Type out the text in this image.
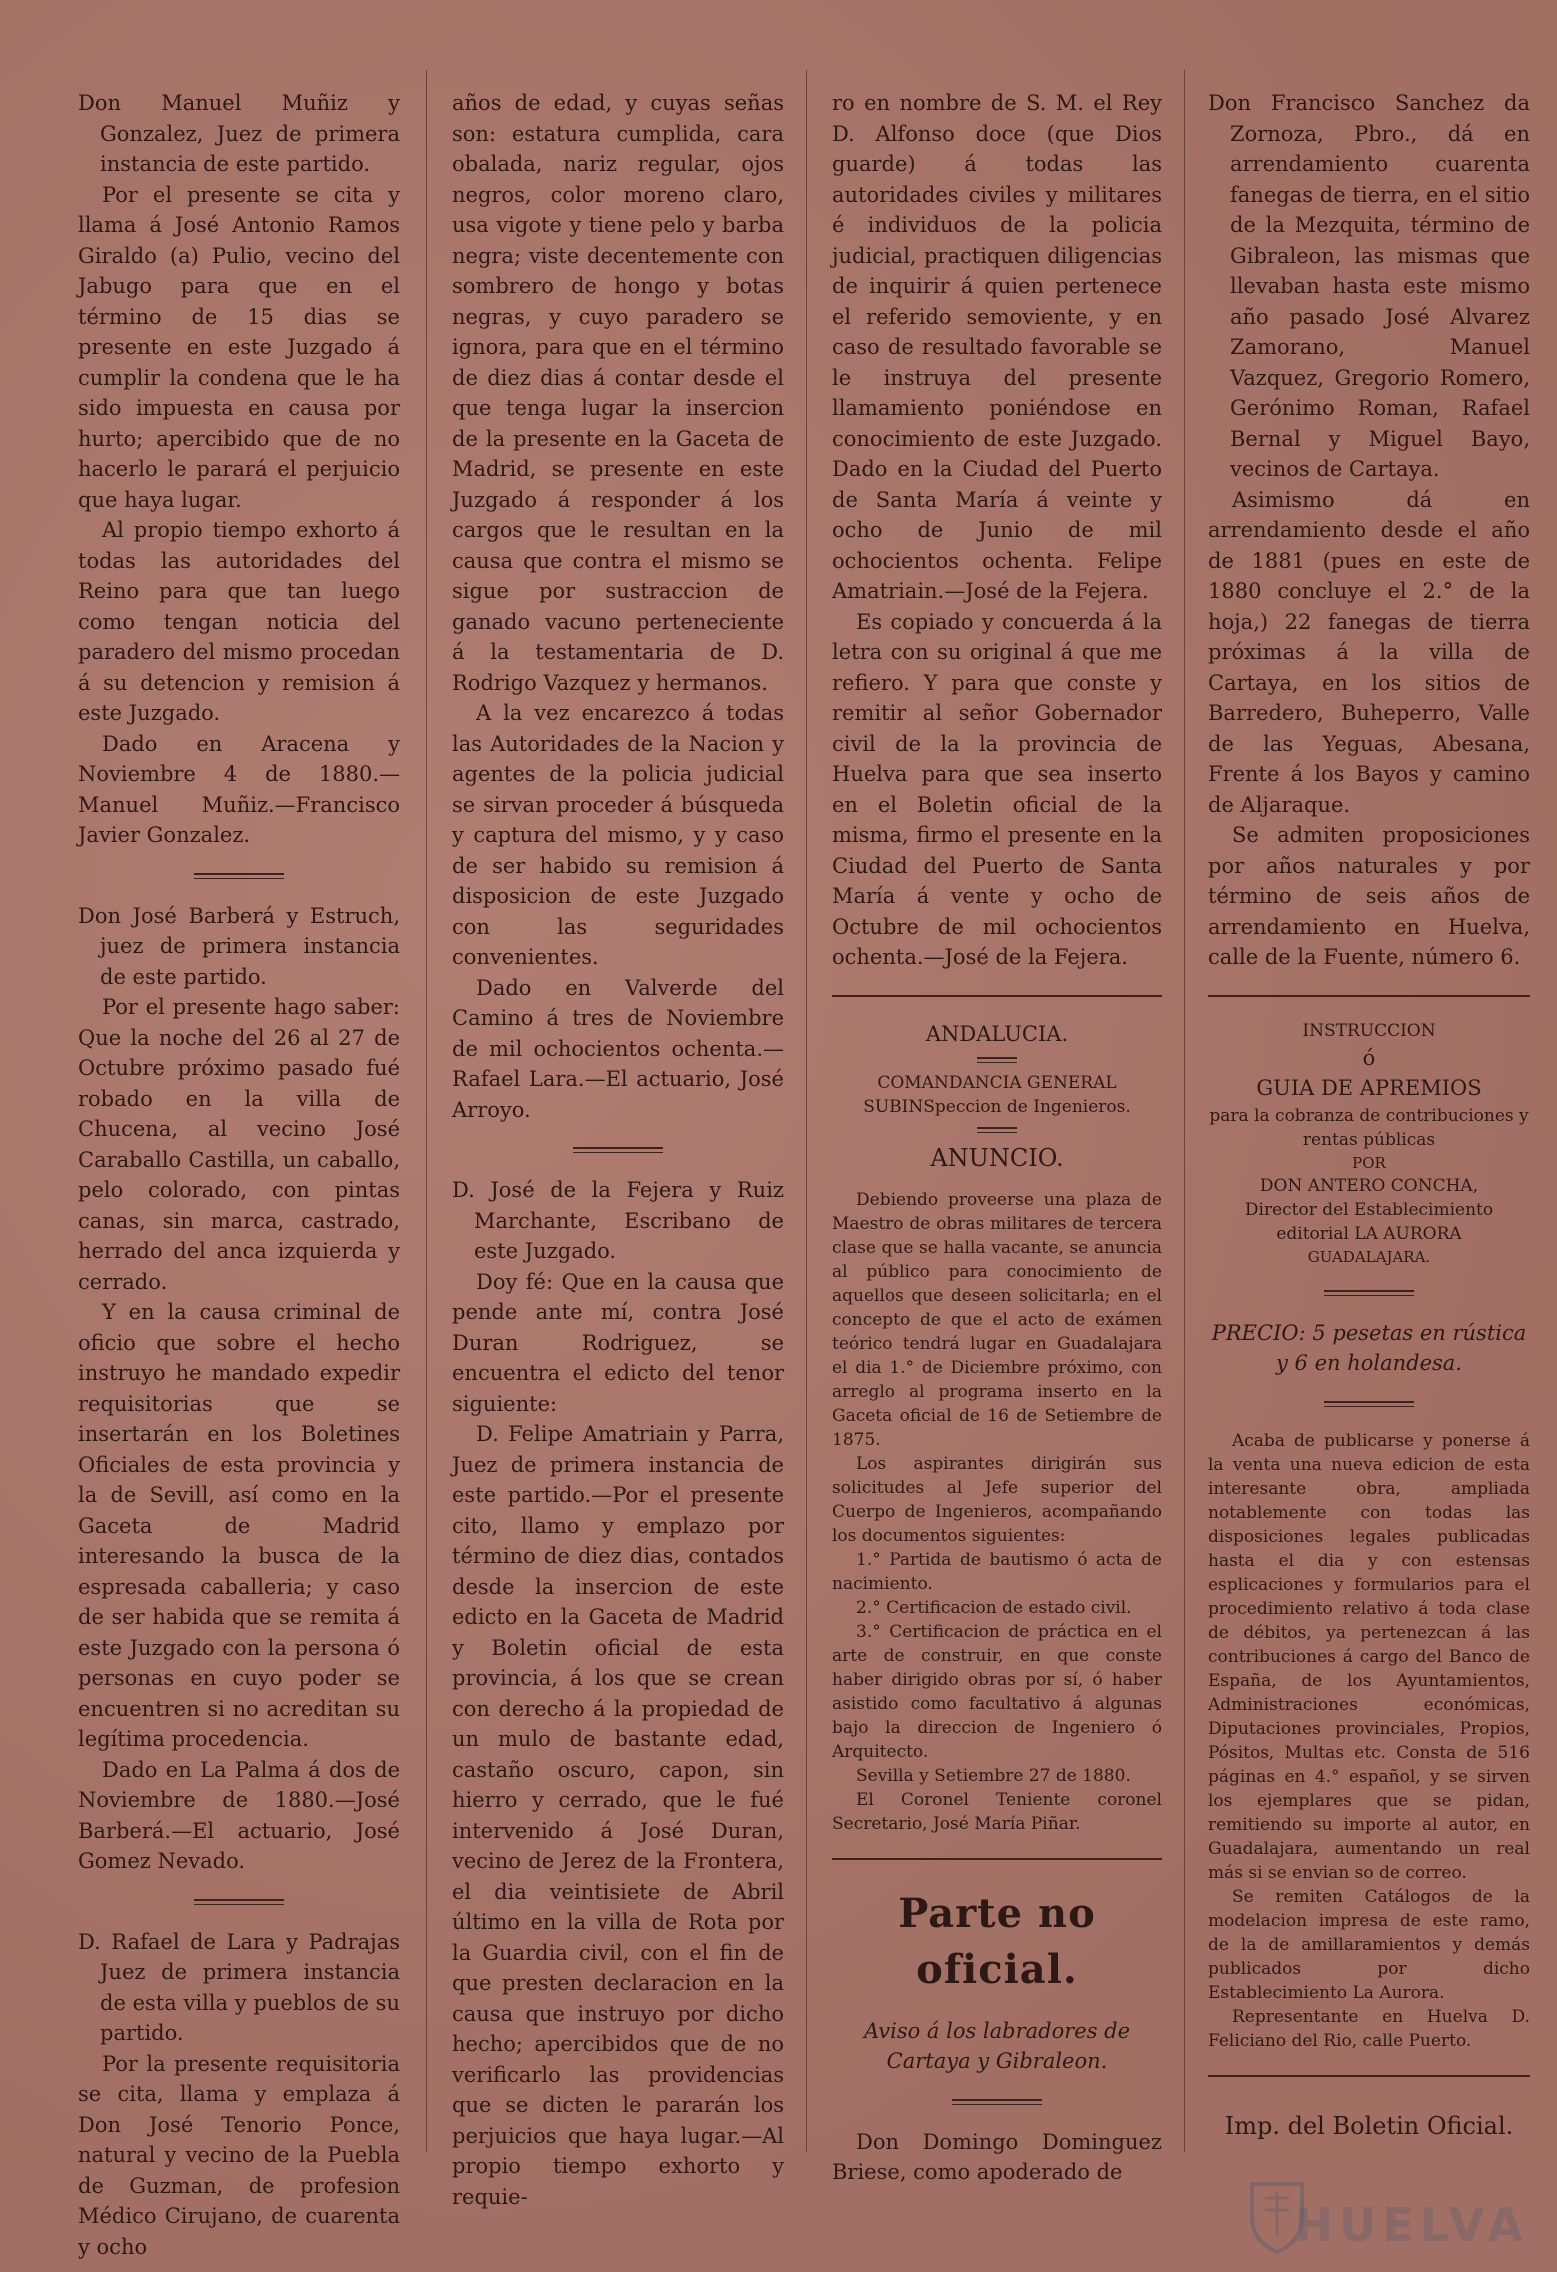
Don Manuel Muñiz y Gonzalez, Juez de primera instancia de este partido.

Por el presente se cita y llama á José Antonio Ramos Giraldo (a) Pulio, vecino del Jabugo para que en el término de 15 dias se presente en este Juzgado á cumplir la condena que le ha sido impuesta en causa por hurto; apercibido que de no hacerlo le parará el perjuicio que haya lugar.

Al propio tiempo exhorto á todas las autoridades del Reino para que tan luego como tengan noticia del paradero del mismo procedan á su detencion y remision á este Juzgado.

Dado en Aracena y Noviembre 4 de 1880.—Manuel Muñiz.—Francisco Javier Gonzalez.

Don José Barberá y Estruch, juez de primera instancia de este partido.

Por el presente hago saber: Que la noche del 26 al 27 de Octubre próximo pasado fué robado en la villa de Chucena, al vecino José Caraballo Castilla, un caballo, pelo colorado, con pintas canas, sin marca, castrado, herrado del anca izquierda y cerrado.

Y en la causa criminal de oficio que sobre el hecho instruyo he mandado expedir requisitorias que se insertarán en los Boletines Oficiales de esta provincia y la de Sevill, así como en la Gaceta de Madrid interesando la busca de la espresada caballeria; y caso de ser habida que se remita á este Juzgado con la persona ó personas en cuyo poder se encuentren si no acreditan su legítima procedencia.

Dado en La Palma á dos de Noviembre de 1880.—José Barberá.—El actuario, José Gomez Nevado.

D. Rafael de Lara y Padrajas Juez de primera instancia de esta villa y pueblos de su partido.

Por la presente requisitoria se cita, llama y emplaza á Don José Tenorio Ponce, natural y vecino de la Puebla de Guzman, de profesion Médico Cirujano, de cuarenta y ocho

años de edad, y cuyas señas son: estatura cumplida, cara obalada, nariz regular, ojos negros, color moreno claro, usa vigote y tiene pelo y barba negra; viste decentemente con sombrero de hongo y botas negras, y cuyo paradero se ignora, para que en el término de diez dias á contar desde el que tenga lugar la insercion de la presente en la Gaceta de Madrid, se presente en este Juzgado á responder á los cargos que le resultan en la causa que contra el mismo se sigue por sustraccion de ganado vacuno perteneciente á la testamentaria de D. Rodrigo Vazquez y hermanos.

A la vez encarezco á todas las Autoridades de la Nacion y agentes de la policia judicial se sirvan proceder á búsqueda y captura del mismo, y y caso de ser habido su remision á disposicion de este Juzgado con las seguridades convenientes.

Dado en Valverde del Camino á tres de Noviembre de mil ochocientos ochenta.—Rafael Lara.—El actuario, José Arroyo.

D. José de la Fejera y Ruiz Marchante, Escribano de este Juzgado.

Doy fé: Que en la causa que pende ante mí, contra José Duran Rodriguez, se encuentra el edicto del tenor siguiente:

D. Felipe Amatriain y Parra, Juez de primera instancia de este partido.—Por el presente cito, llamo y emplazo por término de diez dias, contados desde la insercion de este edicto en la Gaceta de Madrid y Boletin oficial de esta provincia, á los que se crean con derecho á la propiedad de un mulo de bastante edad, castaño oscuro, capon, sin hierro y cerrado, que le fué intervenido á José Duran, vecino de Jerez de la Frontera, el dia veintisiete de Abril último en la villa de Rota por la Guardia civil, con el fin de que presten declaracion en la causa que instruyo por dicho hecho; apercibidos que de no verificarlo las providencias que se dicten le pararán los perjuicios que haya lugar.—Al propio tiempo exhorto y requie-

ro en nombre de S. M. el Rey D. Alfonso doce (que Dios guarde) á todas las autoridades civiles y militares é individuos de la policia judicial, practiquen diligencias de inquirir á quien pertenece el referido semoviente, y en caso de resultado favorable se le instruya del presente llamamiento poniéndose en conocimiento de este Juzgado. Dado en la Ciudad del Puerto de Santa María á veinte y ocho de Junio de mil ochocientos ochenta. Felipe Amatriain.—José de la Fejera.

Es copiado y concuerda á la letra con su original á que me refiero. Y para que conste y remitir al señor Gobernador civil de la la provincia de Huelva para que sea inserto en el Boletin oficial de la misma, firmo el presente en la Ciudad del Puerto de Santa María á vente y ocho de Octubre de mil ochocientos ochenta.—José de la Fejera.

ANDALUCIA.

COMANDANCIA GENERAL SUBINSpeccion de Ingenieros.

ANUNCIO.

Debiendo proveerse una plaza de Maestro de obras militares de tercera clase que se halla vacante, se anuncia al público para conocimiento de aquellos que deseen solicitarla; en el concepto de que el acto de exámen teórico tendrá lugar en Guadalajara el dia 1.° de Diciembre próximo, con arreglo al programa inserto en la Gaceta oficial de 16 de Setiembre de 1875.

Los aspirantes dirigirán sus solicitudes al Jefe superior del Cuerpo de Ingenieros, acompañando los documentos siguientes:

1.° Partida de bautismo ó acta de nacimiento.

2.° Certificacion de estado civil.

3.° Certificacion de práctica en el arte de construir, en que conste haber dirigido obras por sí, ó haber asistido como facultativo á algunas bajo la direccion de Ingeniero ó Arquitecto.

Sevilla y Setiembre 27 de 1880.

El Coronel Teniente coronel Secretario, José María Piñar.

Parte no oficial.

Aviso á los labradores de Cartaya y Gibraleon.

Don Domingo Dominguez Briese, como apoderado de

Don Francisco Sanchez da Zornoza, Pbro., dá en arrendamiento cuarenta fanegas de tierra, en el sitio de la Mezquita, término de Gibraleon, las mismas que llevaban hasta este mismo año pasado José Alvarez Zamorano, Manuel Vazquez, Gregorio Romero, Gerónimo Roman, Rafael Bernal y Miguel Bayo, vecinos de Cartaya.

Asimismo dá en arrendamiento desde el año de 1881 (pues en este de 1880 concluye el 2.° de la hoja,) 22 fanegas de tierra próximas á la villa de Cartaya, en los sitios de Barredero, Buheperro, Valle de las Yeguas, Abesana, Frente á los Bayos y camino de Aljaraque.

Se admiten proposiciones por años naturales y por término de seis años de arrendamiento en Huelva, calle de la Fuente, número 6.

INSTRUCCION

ó

GUIA DE APREMIOS

para la cobranza de contribuciones y rentas públicas

POR

DON ANTERO CONCHA,

Director del Establecimiento editorial LA AURORA

GUADALAJARA.

PRECIO: 5 pesetas en rústica y 6 en holandesa.

Acaba de publicarse y ponerse á la venta una nueva edicion de esta interesante obra, ampliada notablemente con todas las disposiciones legales publicadas hasta el dia y con estensas esplicaciones y formularios para el procedimiento relativo á toda clase de débitos, ya pertenezcan á las contribuciones á cargo del Banco de España, de los Ayuntamientos, Administraciones económicas, Diputaciones provinciales, Propios, Pósitos, Multas etc. Consta de 516 páginas en 4.° español, y se sirven los ejemplares que se pidan, remitiendo su importe al autor, en Guadalajara, aumentando un real más si se envian so de correo.

Se remiten Catálogos de la modelacion impresa de este ramo, de la de amillaramientos y demás publicados por dicho Establecimiento La Aurora.

Representante en Huelva D. Feliciano del Rio, calle Puerto.

Imp. del Boletin Oficial.

HUELVA
